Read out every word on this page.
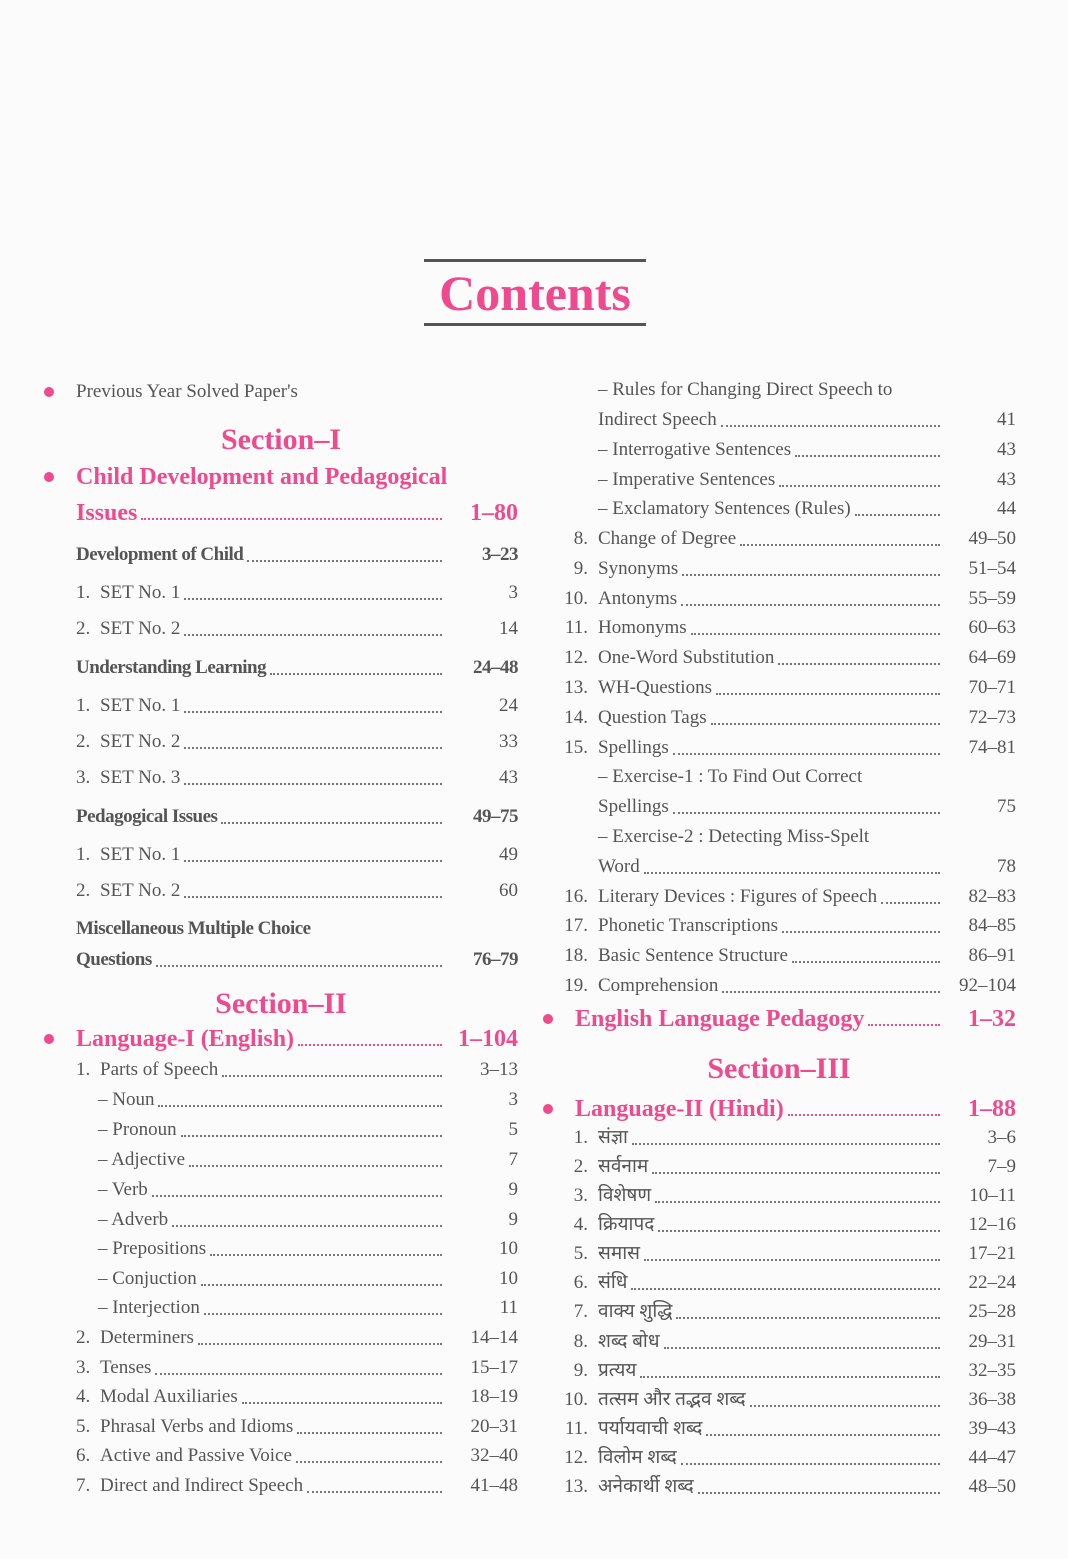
Contents
Section–I
Section–II
Section–III
Previous Year Solved Paper's
Child Development and Pedagogical
Issues	1–80
Development of Child	3–23
1. SET No. 1	3
2. SET No. 2	14
Understanding Learning	24–48
1. SET No. 1	24
2. SET No. 2	33
3. SET No. 3	43
Pedagogical Issues	49–75
1. SET No. 1	49
2. SET No. 2	60
Miscellaneous Multiple Choice
Questions	76–79
Language-I (English)	1–104
1. Parts of Speech	3–13
– Noun	3
– Pronoun	5
– Adjective	7
– Verb	9
– Adverb	9
– Prepositions	10
– Conjuction	10
– Interjection	11
2. Determiners	14–14
3. Tenses	15–17
4. Modal Auxiliaries	18–19
5. Phrasal Verbs and Idioms	20–31
6. Active and Passive Voice	32–40
7. Direct and Indirect Speech	41–48
– Rules for Changing Direct Speech to
Indirect Speech	41
– Interrogative Sentences	43
– Imperative Sentences	43
– Exclamatory Sentences (Rules)	44
8. Change of Degree	49–50
9. Synonyms	51–54
10. Antonyms	55–59
11. Homonyms	60–63
12. One-Word Substitution	64–69
13. WH-Questions	70–71
14. Question Tags	72–73
15. Spellings	74–81
– Exercise-1 : To Find Out Correct
Spellings	75
– Exercise-2 : Detecting Miss-Spelt
Word	78
16. Literary Devices : Figures of Speech	82–83
17. Phonetic Transcriptions	84–85
18. Basic Sentence Structure	86–91
19. Comprehension	92–104
English Language Pedagogy	1–32
Language-II (Hindi)	1–88
1. संज्ञा	3–6
2. सर्वनाम	7–9
3. विशेषण	10–11
4. क्रियापद	12–16
5. समास	17–21
6. संधि	22–24
7. वाक्य शुद्धि	25–28
8. शब्द बोध	29–31
9. प्रत्यय	32–35
10. तत्सम और तद्भव शब्द	36–38
11. पर्यायवाची शब्द	39–43
12. विलोम शब्द	44–47
13. अनेकार्थी शब्द	48–50
